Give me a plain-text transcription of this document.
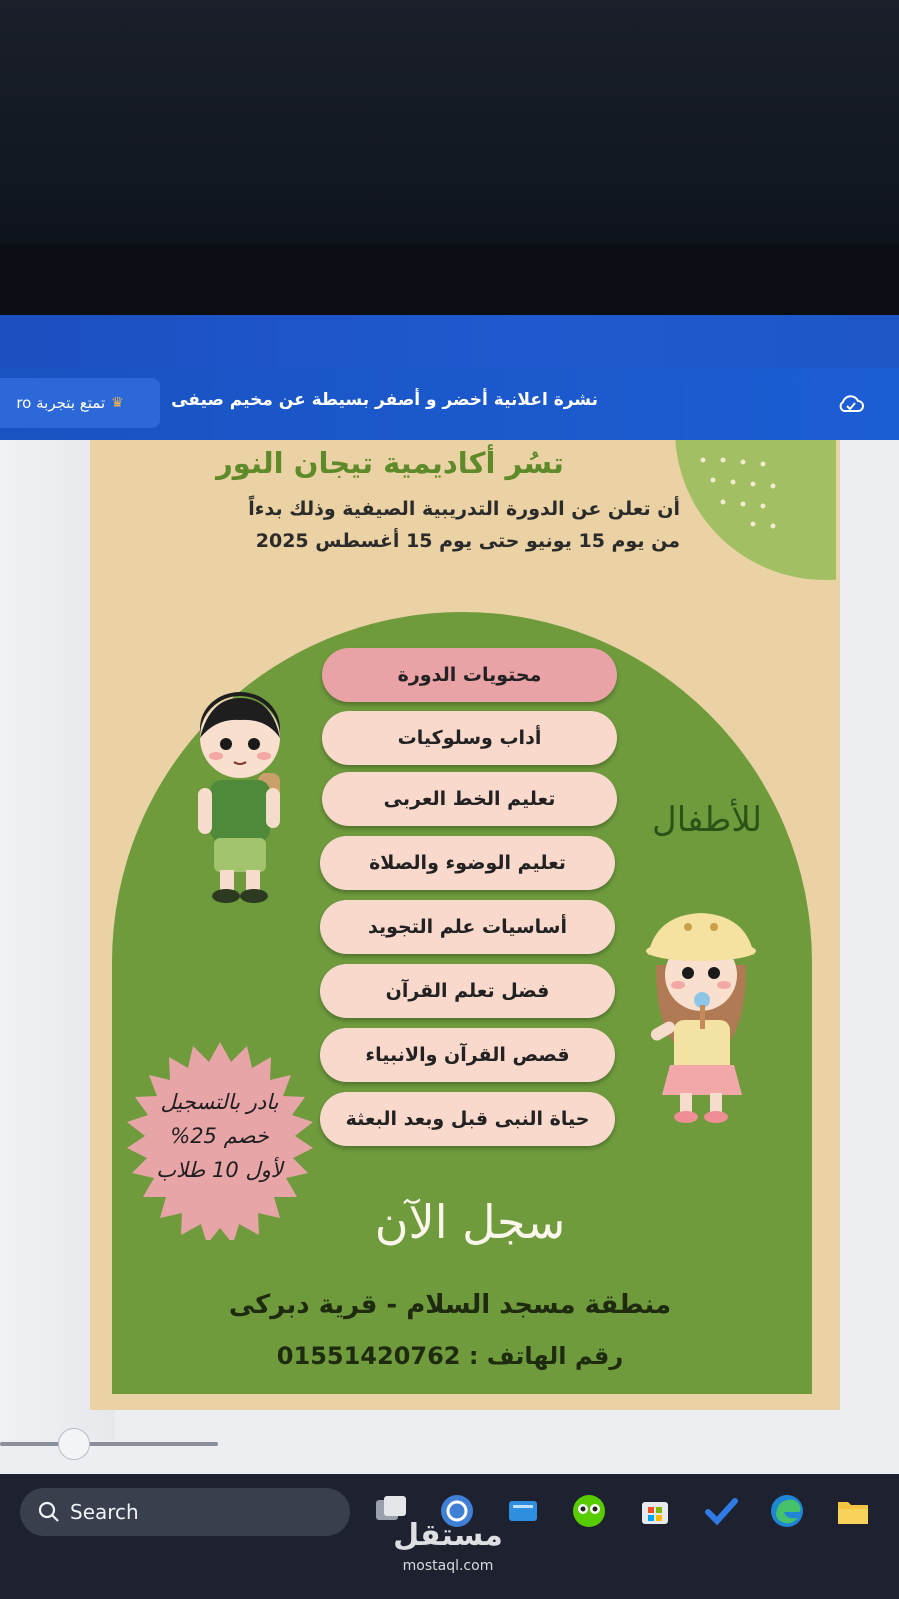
♛
تمتع بتجربة ro	نشرة اعلانية أخضر و أصفر بسيطة عن مخيم صيفى
تسُر أكاديمية تيجان النور
أن تعلن عن الدورة التدريبية الصيفية وذلك بدءاً
من يوم 15 يونيو حتى يوم 15 أغسطس 2025
محتويات الدورة
أداب وسلوكيات
تعليم الخط العربى
تعليم الوضوء والصلاة
أساسيات علم التجويد
فضل تعلم القرآن
قصص القرآن والانبياء
حياة النبى قبل وبعد البعثة
للأطفال
بادر بالتسجيل
خصم 25%
لأول 10 طلاب
سجل الآن
منطقة مسجد السلام - قرية دبركى
رقم الهاتف : 01551420762
Search
مستقل
mostaql.com
